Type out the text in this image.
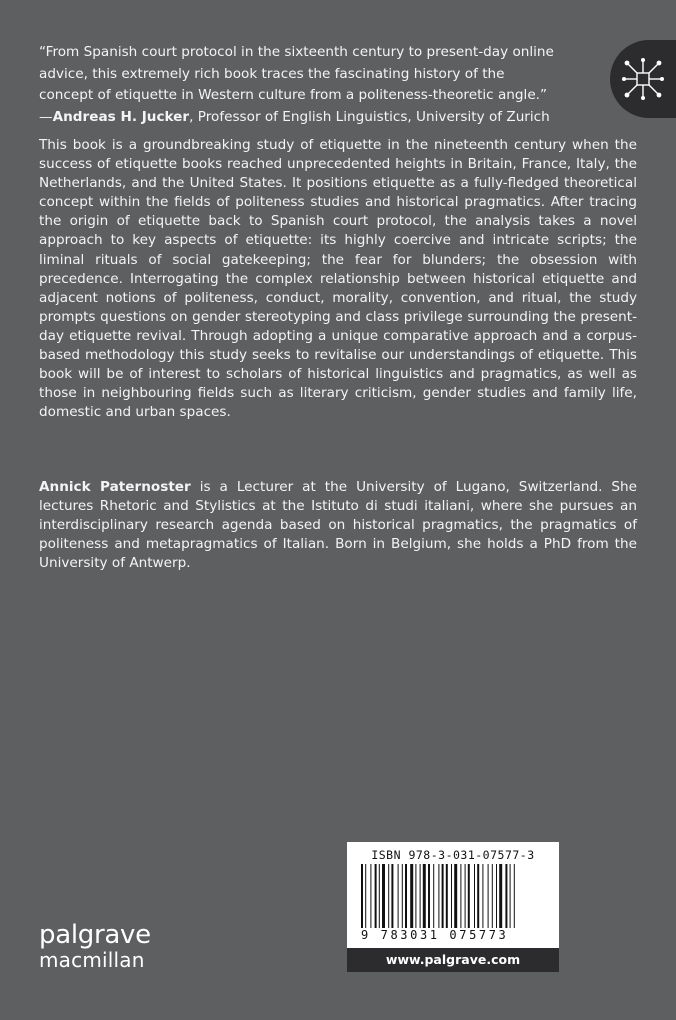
“From Spanish court protocol in the sixteenth century to present-day online advice, this extremely rich book traces the fascinating history of the concept of etiquette in Western culture from a politeness-theoretic angle.”
—Andreas H. Jucker, Professor of English Linguistics, University of Zurich
This book is a groundbreaking study of etiquette in the nineteenth century when the success of etiquette books reached unprecedented heights in Britain, France, Italy, the Netherlands, and the United States. It positions etiquette as a fully-fledged theoretical concept within the fields of politeness studies and historical pragmatics. After tracing the origin of etiquette back to Spanish court protocol, the analysis takes a novel approach to key aspects of etiquette: its highly coercive and intricate scripts; the liminal rituals of social gatekeeping; the fear for blunders; the obsession with precedence. Interrogating the complex relationship between historical etiquette and adjacent notions of politeness, conduct, morality, convention, and ritual, the study prompts questions on gender stereotyping and class privilege surrounding the present-day etiquette revival. Through adopting a unique comparative approach and a corpus-based methodology this study seeks to revitalise our understandings of etiquette. This book will be of interest to scholars of historical linguistics and pragmatics, as well as those in neighbouring fields such as literary criticism, gender studies and family life, domestic and urban spaces.
Annick Paternoster is a Lecturer at the University of Lugano, Switzerland. She lectures Rhetoric and Stylistics at the Istituto di studi italiani, where she pursues an interdisciplinary research agenda based on historical pragmatics, the pragmatics of politeness and metapragmatics of Italian. Born in Belgium, she holds a PhD from the University of Antwerp.
ISBN 978-3-031-07577-3
9 783031 075773
www.palgrave.com
palgrave
macmillan
